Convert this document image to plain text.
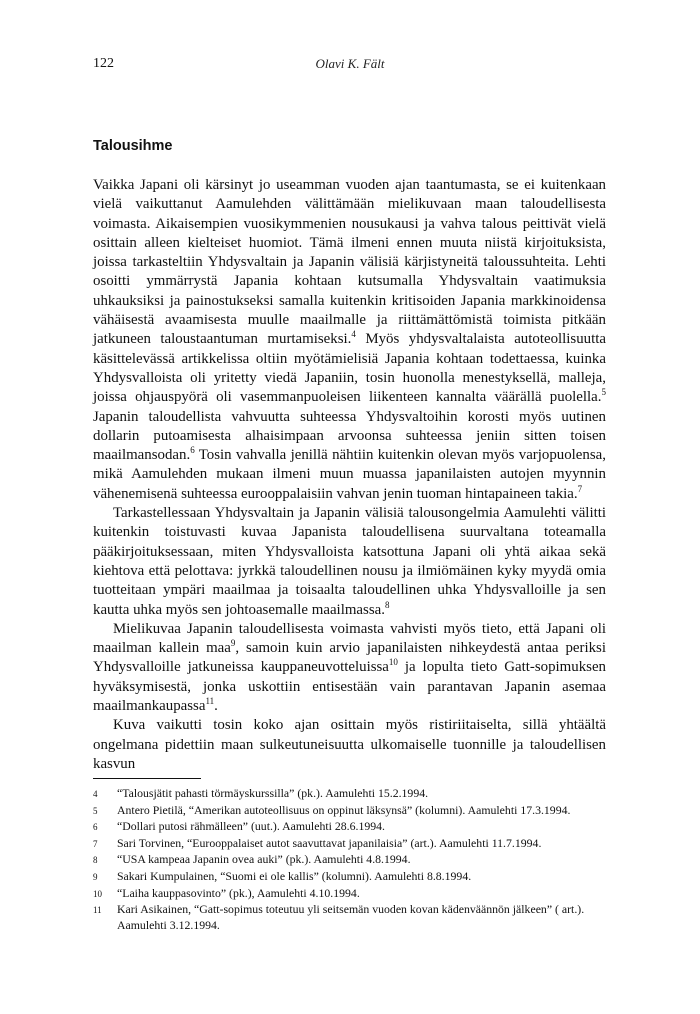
122	Olavi K. Fält
Talousihme

Vaikka Japani oli kärsinyt jo useamman vuoden ajan taantumasta, se ei kuitenkaan vielä vaikuttanut Aamulehden välittämään mielikuvaan maan taloudellisesta voimasta. Aikaisempien vuosikymmenien nousukausi ja vahva talous peittivät vielä osittain alleen kielteiset huomiot. Tämä ilmeni ennen muuta niistä kirjoituksista, joissa tarkasteltiin Yhdysvaltain ja Japanin välisiä kärjistyneitä taloussuhteita. Lehti osoitti ymmärrystä Japania kohtaan kutsumalla Yhdysvaltain vaatimuksia uhkauksiksi ja painostukseksi samalla kuitenkin kritisoiden Japania markkinoidensa vähäisestä avaamisesta muulle maailmalle ja riittämättömistä toimista pitkään jatkuneen taloustaantuman murtamiseksi.$^4$ Myös yhdysvaltalaista autoteollisuutta käsittelevässä artikkelissa oltiin myötämielisiä Japania kohtaan todettaessa, kuinka Yhdysvalloista oli yritetty viedä Japaniin, tosin huonolla menestyksellä, malleja, joissa ohjauspyörä oli vasemmanpuoleisen liikenteen kannalta väärällä puolella.$^5$ Japanin taloudellista vahvuutta suhteessa Yhdysvaltoihin korosti myös uutinen dollarin putoamisesta alhaisimpaan arvoonsa suhteessa jeniin sitten toisen maailmansodan.$^6$ Tosin vahvalla jenillä nähtiin kuitenkin olevan myös varjopuolensa, mikä Aamulehden mukaan ilmeni muun muassa japanilaisten autojen myynnin vähenemisenä suhteessa eurooppalaisiin vahvan jenin tuoman hintapaineen takia.$^7$

Tarkastellessaan Yhdysvaltain ja Japanin välisiä talousongelmia Aamulehti välitti kuitenkin toistuvasti kuvaa Japanista taloudellisena suurvaltana toteamalla pääkirjoituksessaan, miten Yhdysvalloista katsottuna Japani oli yhtä aikaa sekä kiehtova että pelottava: jyrkkä taloudellinen nousu ja ilmiömäinen kyky myydä omia tuotteitaan ympäri maailmaa ja toisaalta taloudellinen uhka Yhdysvalloille ja sen kautta uhka myös sen johtoasemalle maailmassa.$^8$

Mielikuvaa Japanin taloudellisesta voimasta vahvisti myös tieto, että Japani oli maailman kallein maa$^9$, samoin kuin arvio japanilaisten nihkeydestä antaa periksi Yhdysvalloille jatkuneissa kauppaneuvotteluissa$^{10}$ ja lopulta tieto Gatt-sopimuksen hyväksymisestä, jonka uskottiin entisestään vain parantavan Japanin asemaa maailmankaupassa$^{11}$.

Kuva vaikutti tosin koko ajan osittain myös ristiriitaiselta, sillä yhtäältä ongelmana pidettiin maan sulkeutuneisuutta ulkomaiselle tuonnille ja taloudellisen kasvun

4	“Talousjätit pahasti törmäyskurssilla” (pk.). Aamulehti 15.2.1994.
5	Antero Pietilä, “Amerikan autoteollisuus on oppinut läksynsä” (kolumni). Aamulehti 17.3.1994.
6	“Dollari putosi rähmälleen” (uut.). Aamulehti 28.6.1994.
7	Sari Torvinen, “Eurooppalaiset autot saavuttavat japanilaisia” (art.). Aamulehti 11.7.1994.
8	“USA kampeaa Japanin ovea auki” (pk.). Aamulehti 4.8.1994.
9	Sakari Kumpulainen, “Suomi ei ole kallis” (kolumni). Aamulehti 8.8.1994.
10	“Laiha kauppasovinto” (pk.), Aamulehti 4.10.1994.
11	Kari Asikainen, “Gatt-sopimus toteutuu yli seitsemän vuoden kovan kädenväännön jälkeen” ( art.). Aamulehti 3.12.1994.
